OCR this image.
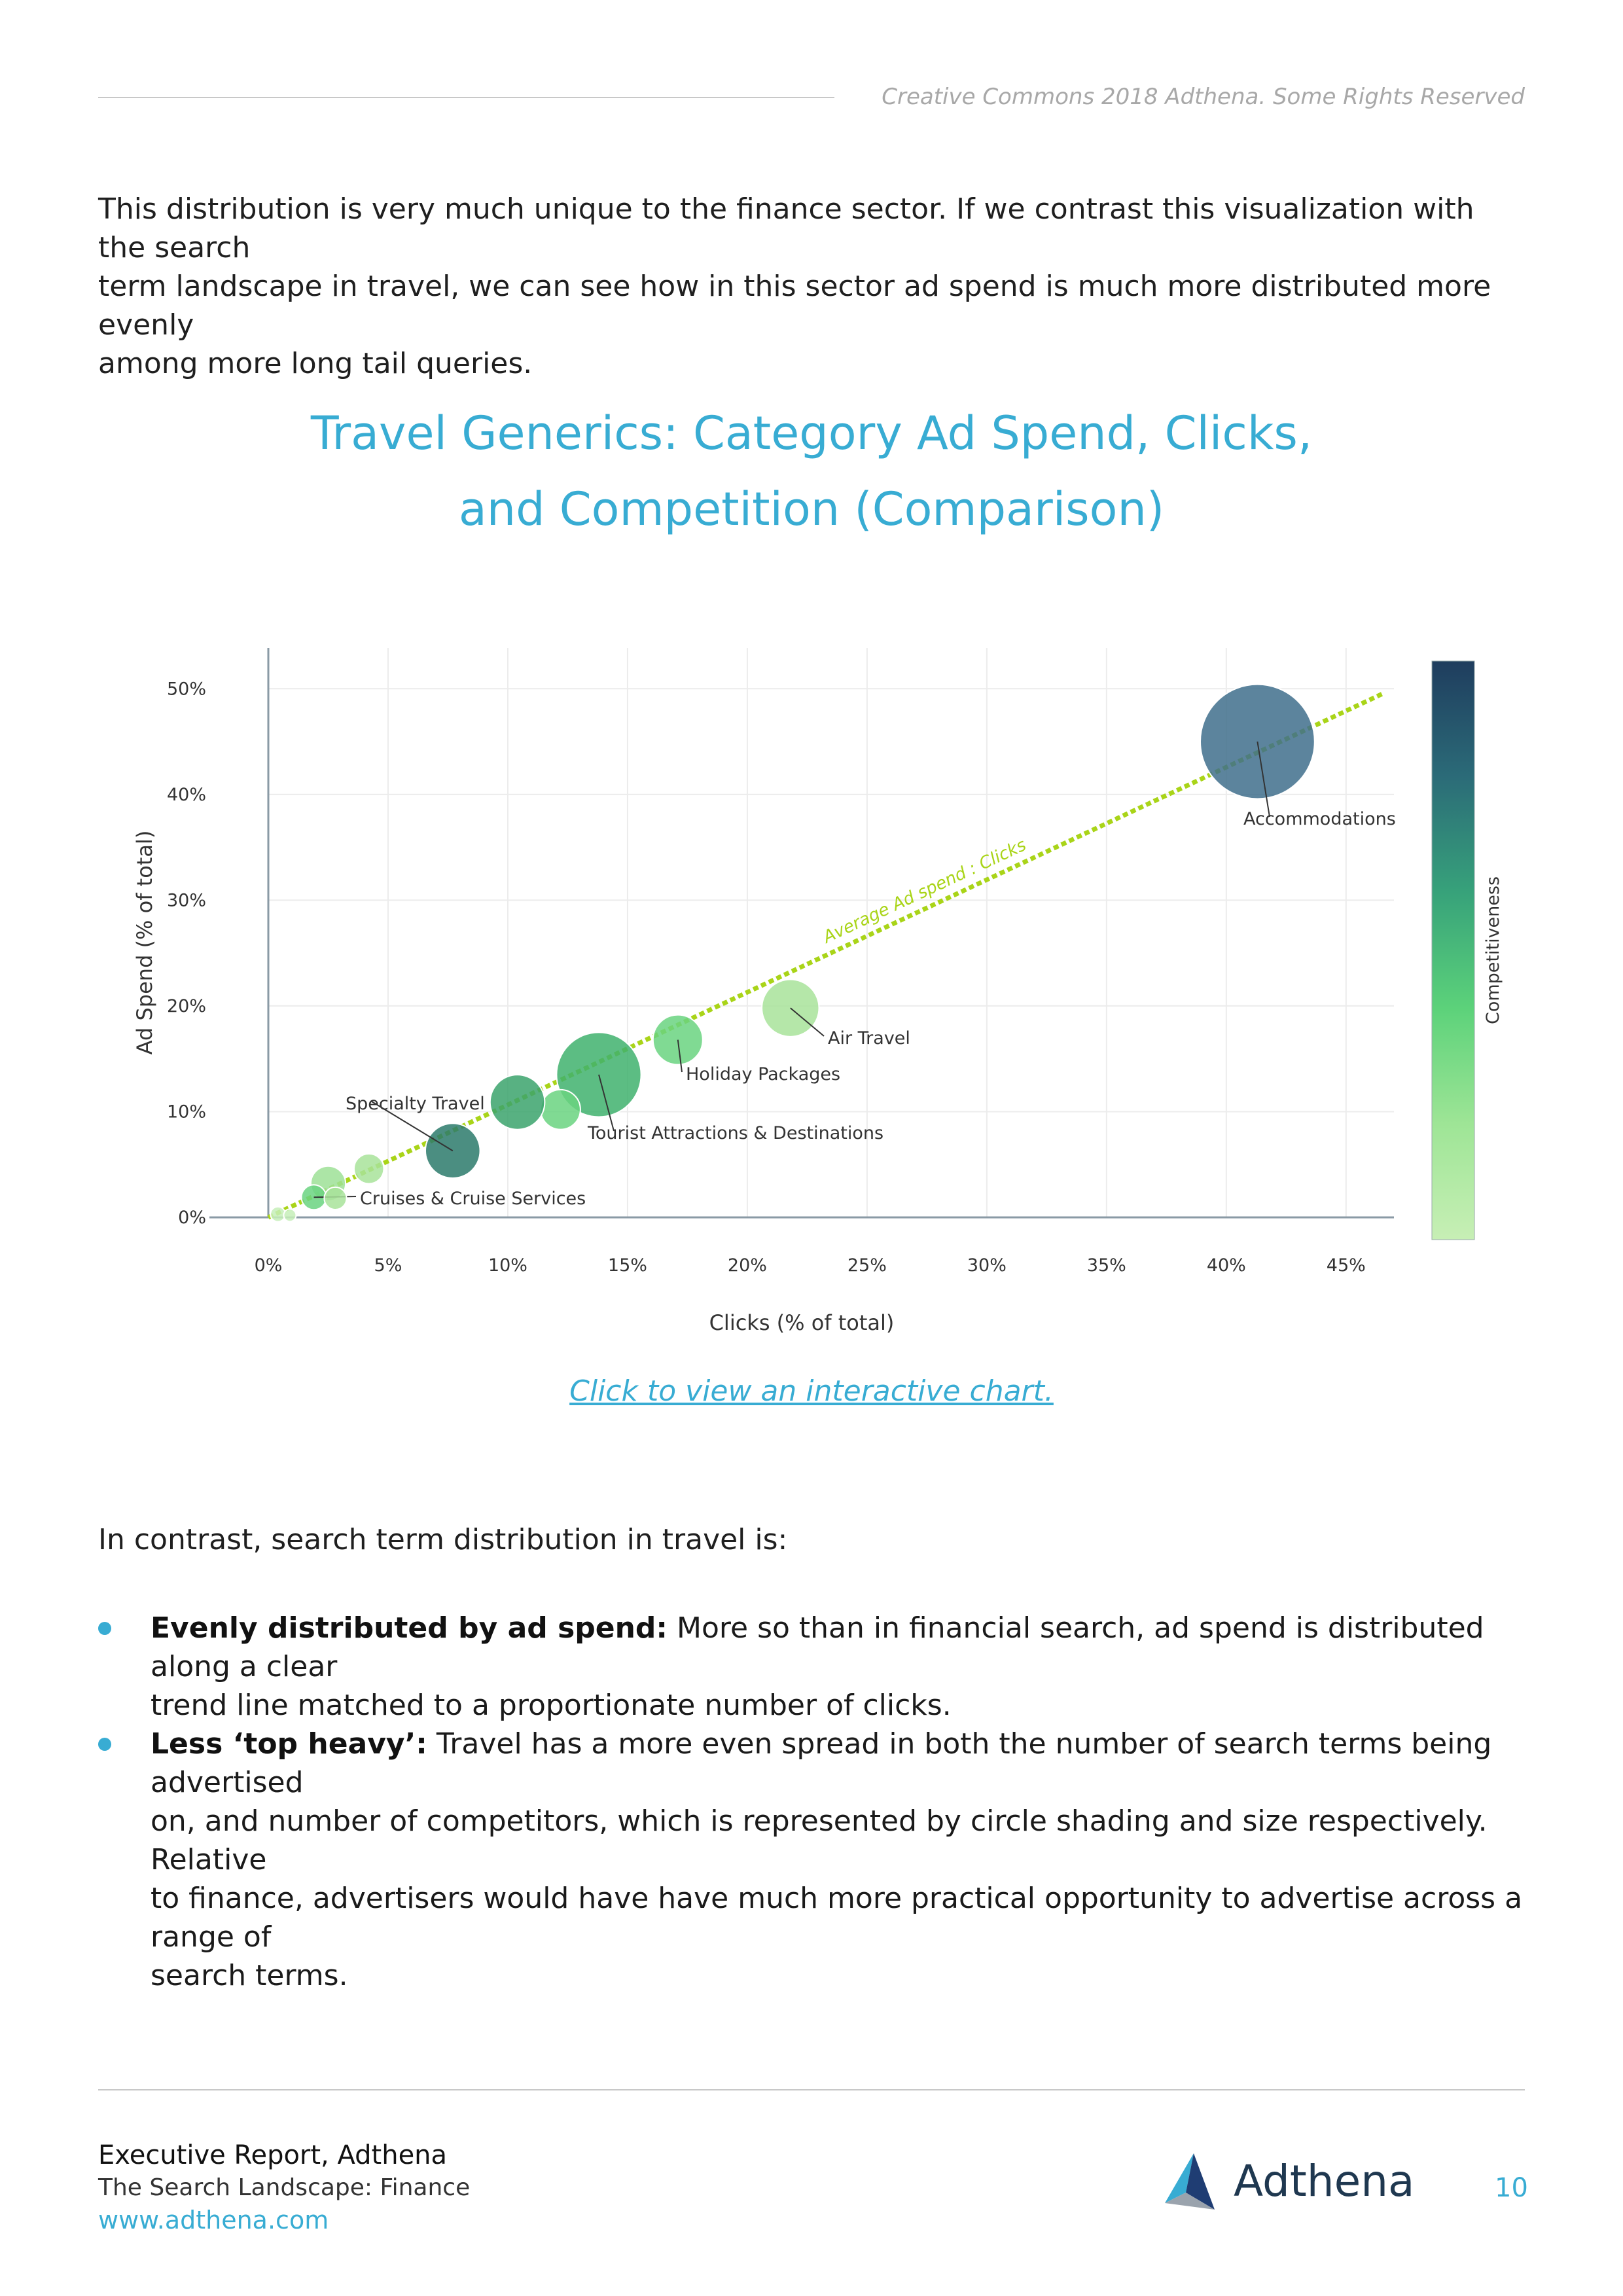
Creative Commons 2018 Adthena. Some Rights Reserved
This distribution is very much unique to the finance sector. If we contrast this visualization with the search
term landscape in travel, we can see how in this sector ad spend is much more distributed more evenly
among more long tail queries.
Travel Generics: Category Ad Spend, Clicks,
and Competition (Comparison)
0%	5%	10%	15%	20%	25%	30%	35%	40%	45%
0%
10%
20%
30%
40%
50%
Clicks (% of total)
Ad Spend (% of total)	Competitiveness
Average Ad spend : Clicks
Accommodations
Air Travel
Holiday Packages
Tourist Attractions & Destinations
Specialty Travel
Cruises & Cruise Services
Click to view an interactive chart.
In contrast, search term distribution in travel is:
Evenly distributed by ad spend: More so than in financial search, ad spend is distributed along a clear
trend line matched to a proportionate number of clicks.
Less ‘top heavy’: Travel has a more even spread in both the number of search terms being advertised
on, and number of competitors, which is represented by circle shading and size respectively. Relative
to finance, advertisers would have have much more practical opportunity to advertise across a range of
search terms.
Executive Report, Adthena
The Search Landscape: Finance
www.adthena.com
Adthena	10
